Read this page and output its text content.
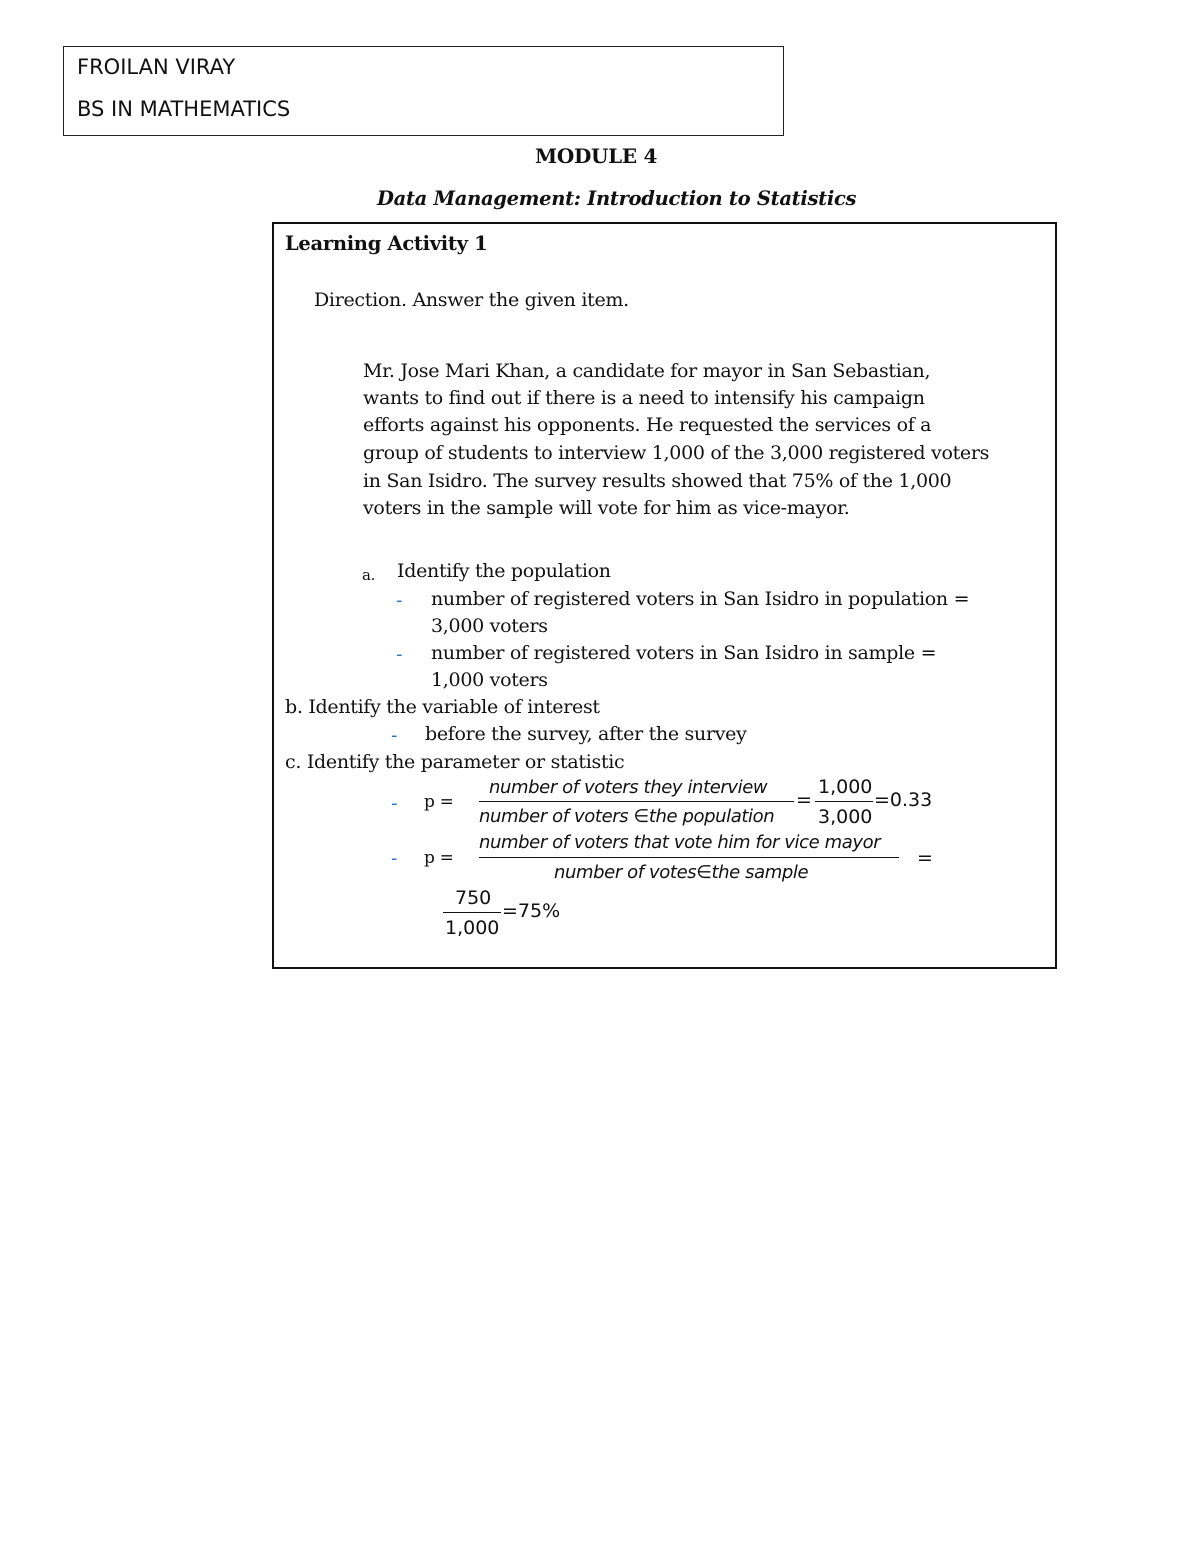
FROILAN VIRAY
BS IN MATHEMATICS
MODULE 4
Data Management: Introduction to Statistics
Learning Activity 1
Direction. Answer the given item.
Mr. Jose Mari Khan, a candidate for mayor in San Sebastian,
wants to find out if there is a need to intensify his campaign
efforts against his opponents. He requested the services of a
group of students to interview 1,000 of the 3,000 registered voters
in San Isidro. The survey results showed that 75% of the 1,000
voters in the sample will vote for him as vice-mayor.
a. Identify the population
- number of registered voters in San Isidro in population =
3,000 voters
- number of registered voters in San Isidro in sample =
1,000 voters
b. Identify the variable of interest
- before the survey, after the survey
c. Identify the parameter or statistic
- p =
number of voters they interview
number of voters ∈the population
=
1,000
3,000
=0.33
- p =
number of voters that vote him for vice mayor
number of votes∈the sample
=
750
1,000
=75%
